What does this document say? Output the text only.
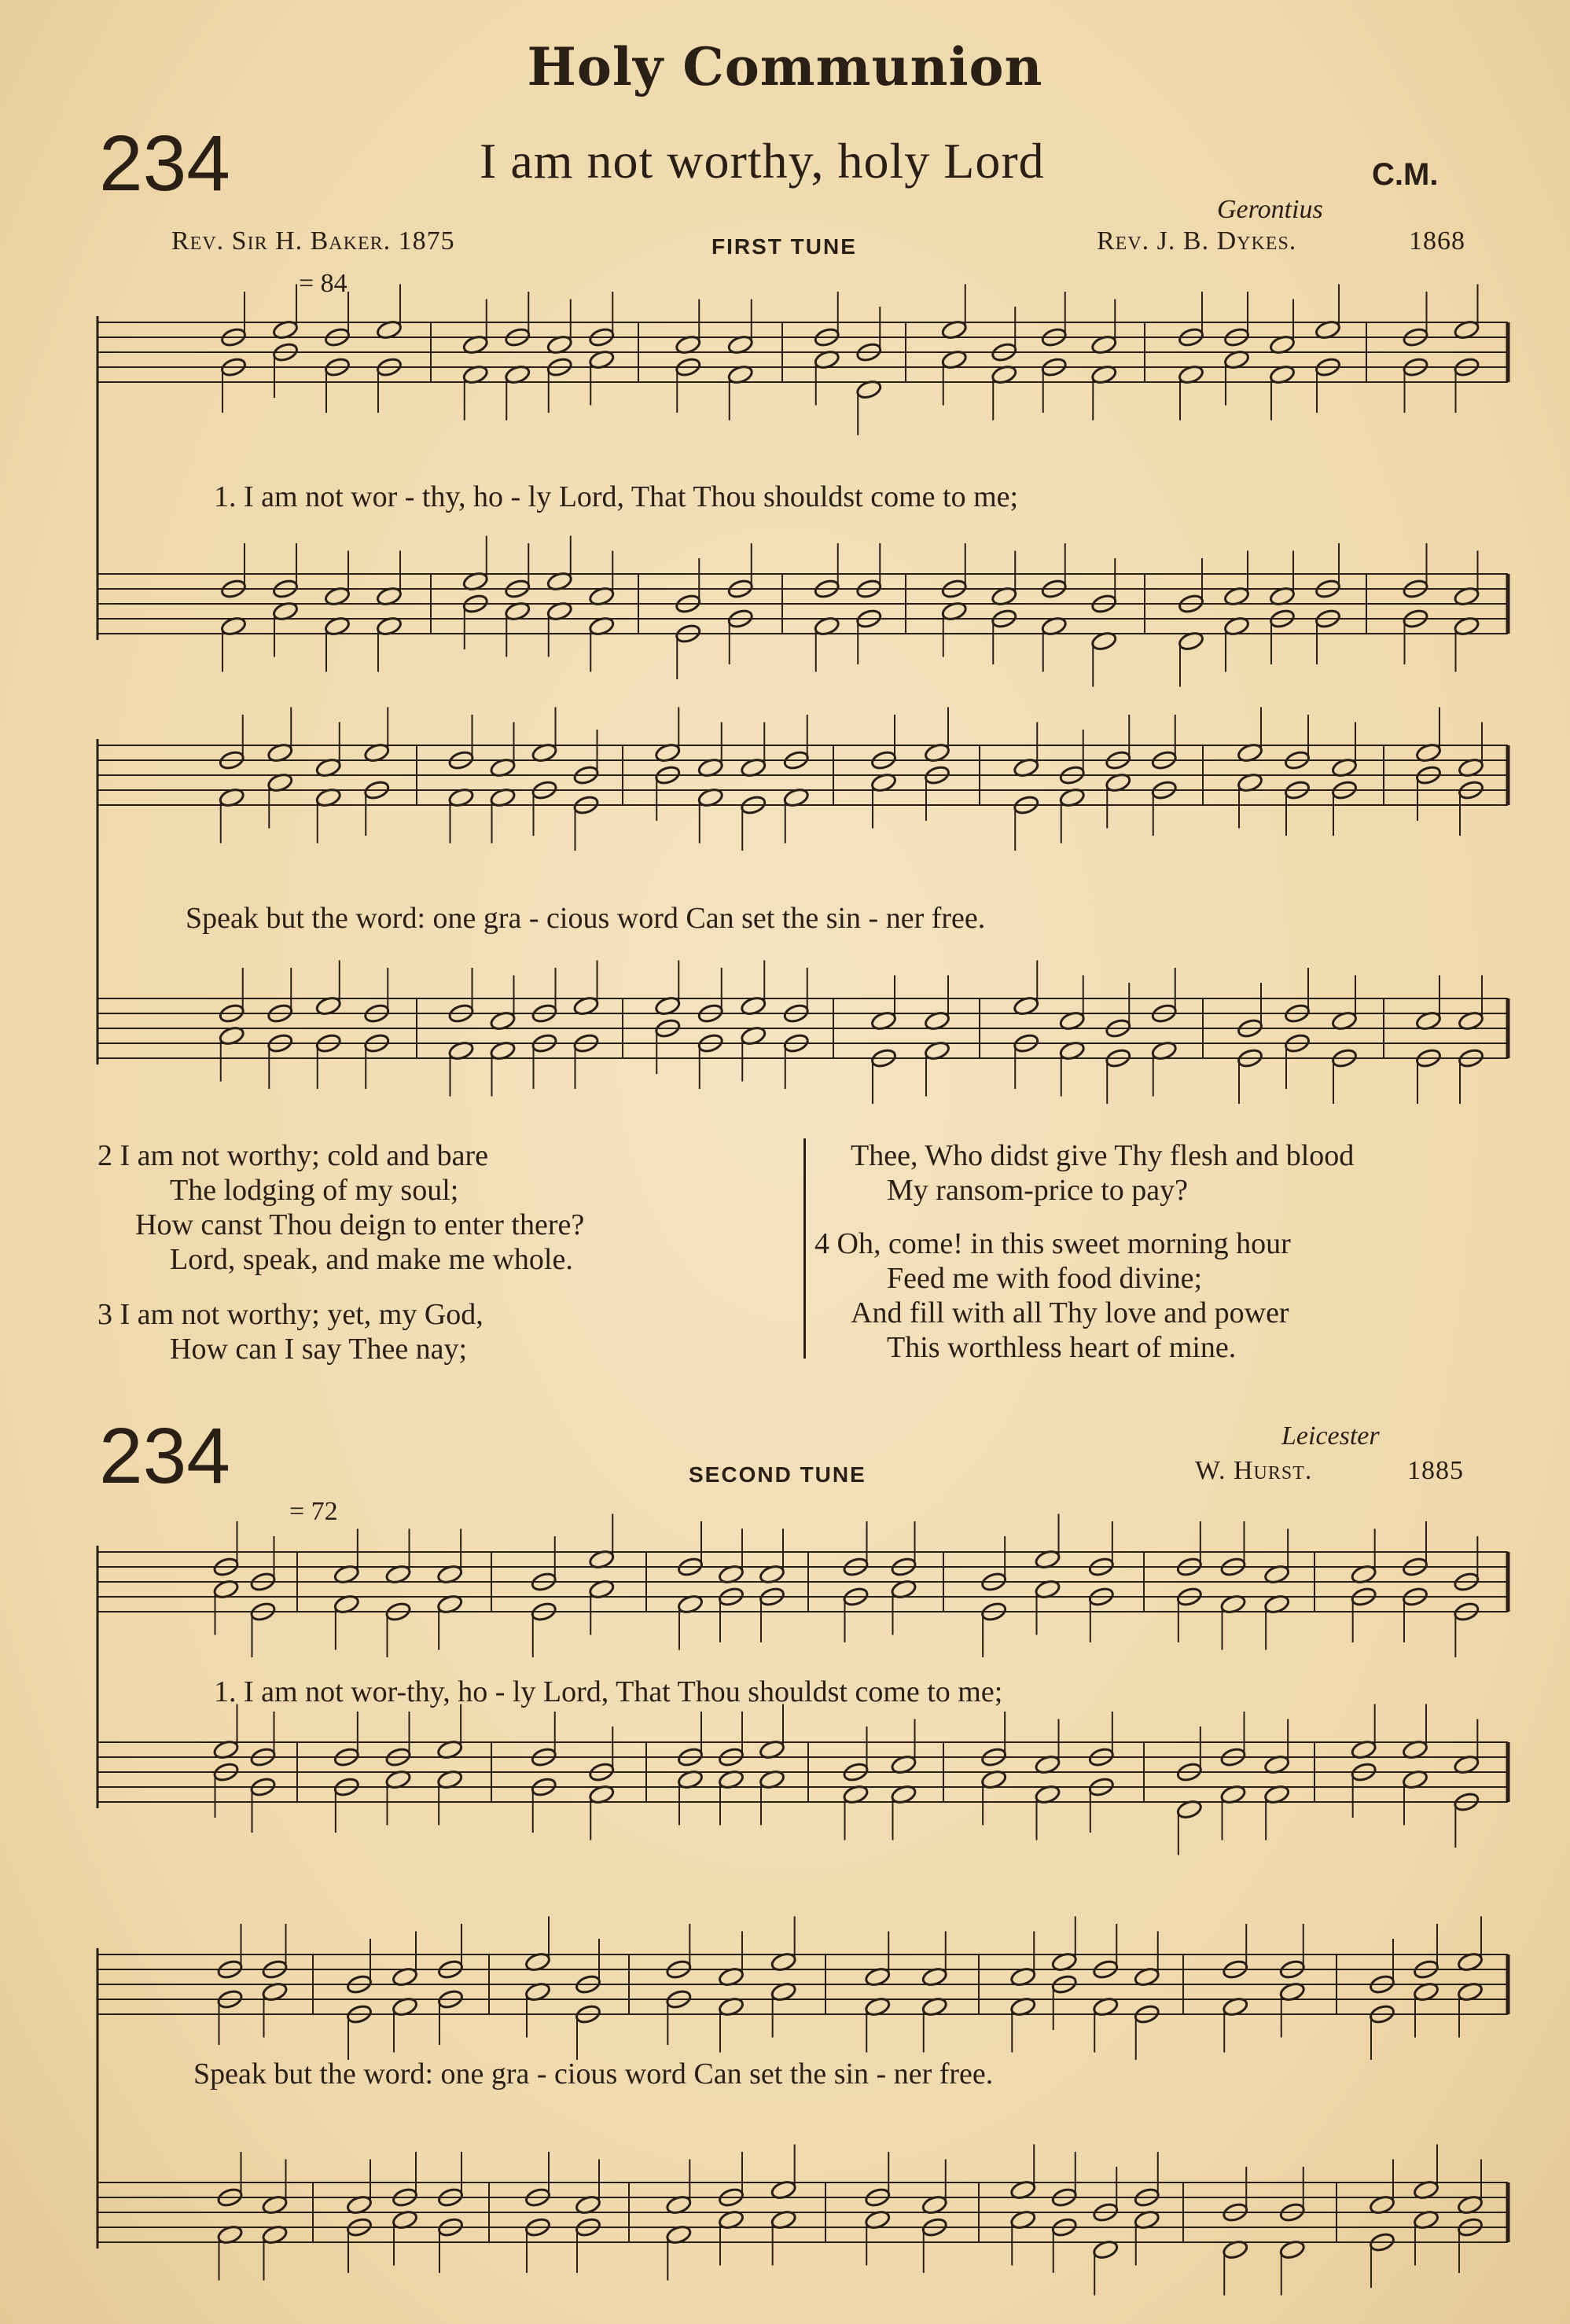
Holy Communion
234	I am not worthy, holy Lord	C.M.
Gerontius
Rev. Sir H. Baker. 1875	FIRST TUNE	Rev. J. B. Dykes.	1868
= 84
1. I am not wor - thy, ho - ly Lord, That Thou shouldst come to me;
Speak but the word: one gra - cious word Can set the sin - ner free.
2 I am not worthy; cold and bare
The lodging of my soul;
How canst Thou deign to enter there?
Lord, speak, and make me whole.
3 I am not worthy; yet, my God,
How can I say Thee nay;
Thee, Who didst give Thy flesh and blood
My ransom-price to pay?
4 Oh, come! in this sweet morning hour
Feed me with food divine;
And fill with all Thy love and power
This worthless heart of mine.
234	Leicester
SECOND TUNE	W. Hurst.	1885
= 72
1. I am not wor-thy, ho - ly Lord, That Thou shouldst come to me;
Speak but the word: one gra - cious word Can set the sin - ner free.
